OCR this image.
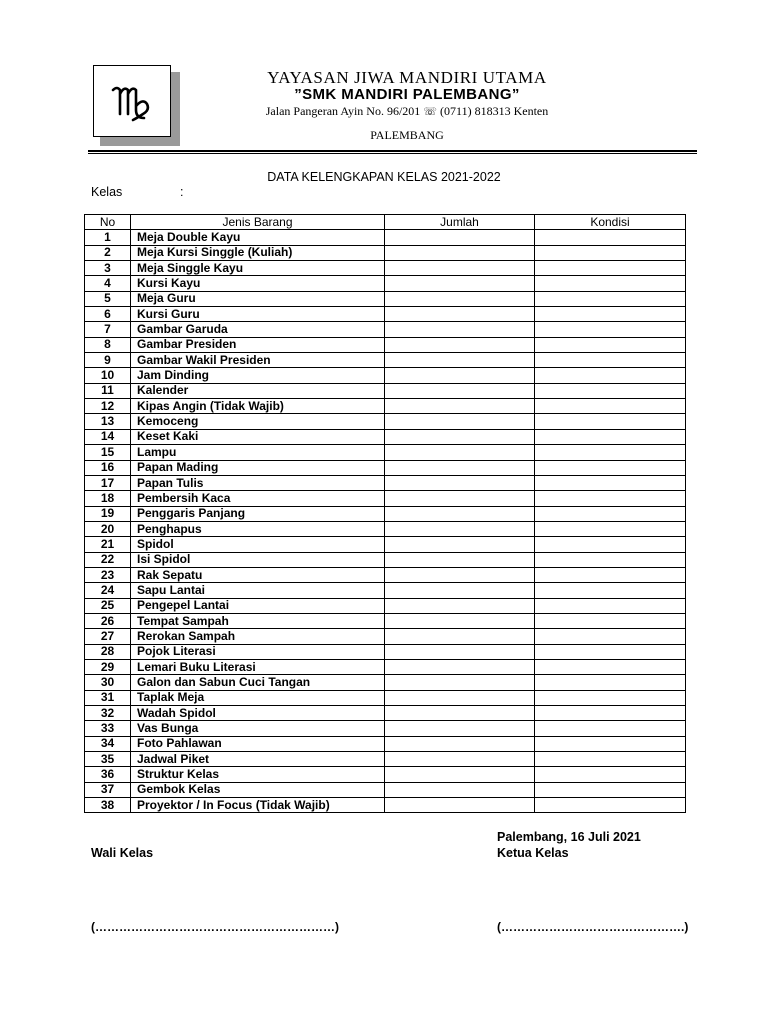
YAYASAN JIWA MANDIRI UTAMA
”SMK MANDIRI PALEMBANG”
Jalan Pangeran Ayin No. 96/201 ☏ (0711) 818313 Kenten
PALEMBANG
DATA KELENGKAPAN KELAS 2021-2022
Kelas	:
No	Jenis Barang	Jumlah	Kondisi
1	Meja Double Kayu		
2	Meja Kursi Singgle (Kuliah)		
3	Meja Singgle Kayu		
4	Kursi Kayu		
5	Meja Guru		
6	Kursi Guru		
7	Gambar Garuda		
8	Gambar Presiden		
9	Gambar Wakil Presiden		
10	Jam Dinding		
11	Kalender		
12	Kipas Angin (Tidak Wajib)		
13	Kemoceng		
14	Keset Kaki		
15	Lampu		
16	Papan Mading		
17	Papan Tulis		
18	Pembersih Kaca		
19	Penggaris Panjang		
20	Penghapus		
21	Spidol		
22	Isi Spidol		
23	Rak Sepatu		
24	Sapu Lantai		
25	Pengepel Lantai		
26	Tempat Sampah		
27	Rerokan Sampah		
28	Pojok Literasi		
29	Lemari Buku Literasi		
30	Galon dan Sabun Cuci Tangan		
31	Taplak Meja		
32	Wadah Spidol		
33	Vas Bunga		
34	Foto Pahlawan		
35	Jadwal Piket		
36	Struktur Kelas		
37	Gembok Kelas		
38	Proyektor / In Focus (Tidak Wajib)		
Palembang, 16 Juli 2021
Wali Kelas	Ketua Kelas
(……………………………………………………)	(……………………………………….)
